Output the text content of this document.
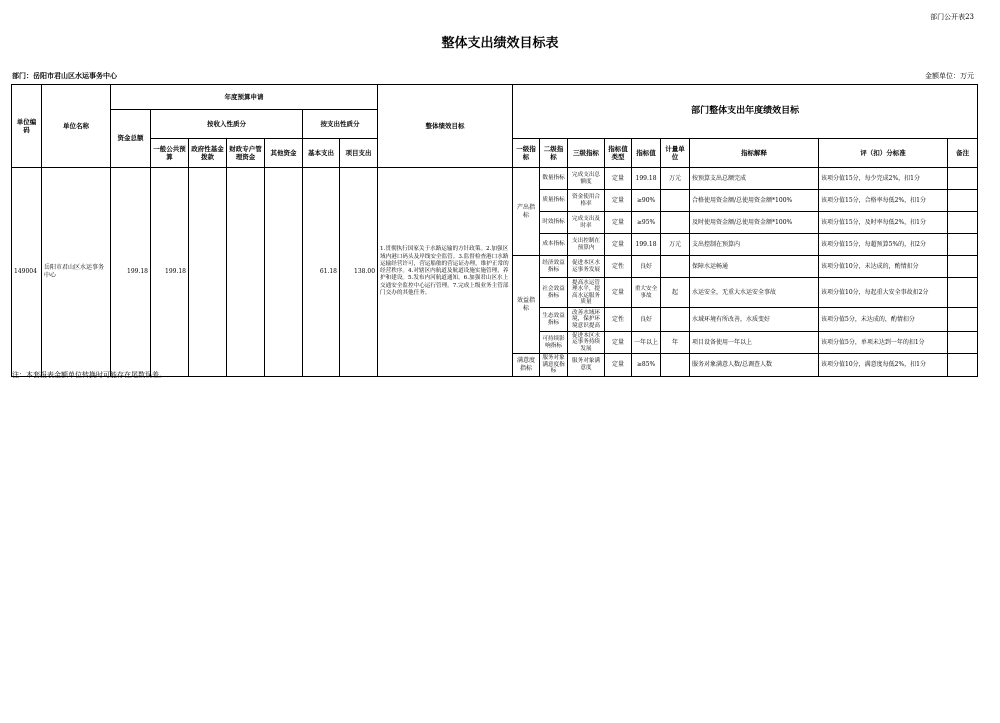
部门公开表23
整体支出绩效目标表
部门：岳阳市君山区水运事务中心	金额单位：万元
单位编码	单位名称	年度预算申请							整体绩效目标	部门整体支出年度绩效目标								
		资金总额	按收入性质分				按支出性质分											
			一般公共预算	政府性基金拨款	财政专户管理资金	其他资金	基本支出	项目支出		一级指标	二级指标	三级指标	指标值类型	指标值	计量单位	指标解释	评（扣）分标准	备注
149004	岳阳市君山区水运事务中心	199.18	199.18				61.18	138.00	1.贯彻执行国家关于水路运输的方针政策。2.加强区域内港口码头及岸线安全监管。3.监督检查港口水路运输经营许可，营运船舶的营运证办理，维护正常的经营秩序。4.对辖区内航道及航道设施实施管理，养护和建设。5.发布内河航道通知。6.加强君山区水上交通安全监控中心运行管理。7.完成上级业务主管部门交办的其他任务。	产出指标	数量指标	完成支出总额度	定量	199.18	万元	按预算支出总额完成	该项分值15分，每少完成2%，扣1分	
											质量指标	资金使用合格率	定量	≥90%		合格使用资金额/总使用资金额*100%	该项分值15分，合格率每低2%，扣1分	
											时效指标	完成支出及时率	定量	≥95%		及时使用资金额/总使用资金额*100%	该项分值15分，及时率每低2%，扣1分	
											成本指标	支出控制在预算内	定量	199.18	万元	支出控制在预算内	该项分值15分，每超预算5%的，扣2分	
										效益指标	经济效益指标	促进本区水运事务发展	定性	良好		保障水运畅通	该项分值10分，未达成的，酌情扣分	
											社会效益指标	提高水运管理水平，提高水运服务质量	定量	重大安全事故	起	水运安全，无重大水运安全事故	该项分值10分，每起重大安全事故扣2分	
											生态效益指标	改善水域环境，保护环境意识提高	定性	良好		水域环境有所改善，水质变好	该项分值5分，未达成的，酌情扣分	
											可持续影响指标	促进本区水运事务持续发展	定量	一年以上	年	项目设备使用一年以上	该项分值5分，单项未达到一年的扣1分	
										满意度指标	服务对象满意度指标	服务对象满意度	定量	≥85%		服务对象满意人数/总调查人数	该项分值10分，满意度每低2%，扣1分	
注：本套报表金额单位转换时可能存在尾数误差。
